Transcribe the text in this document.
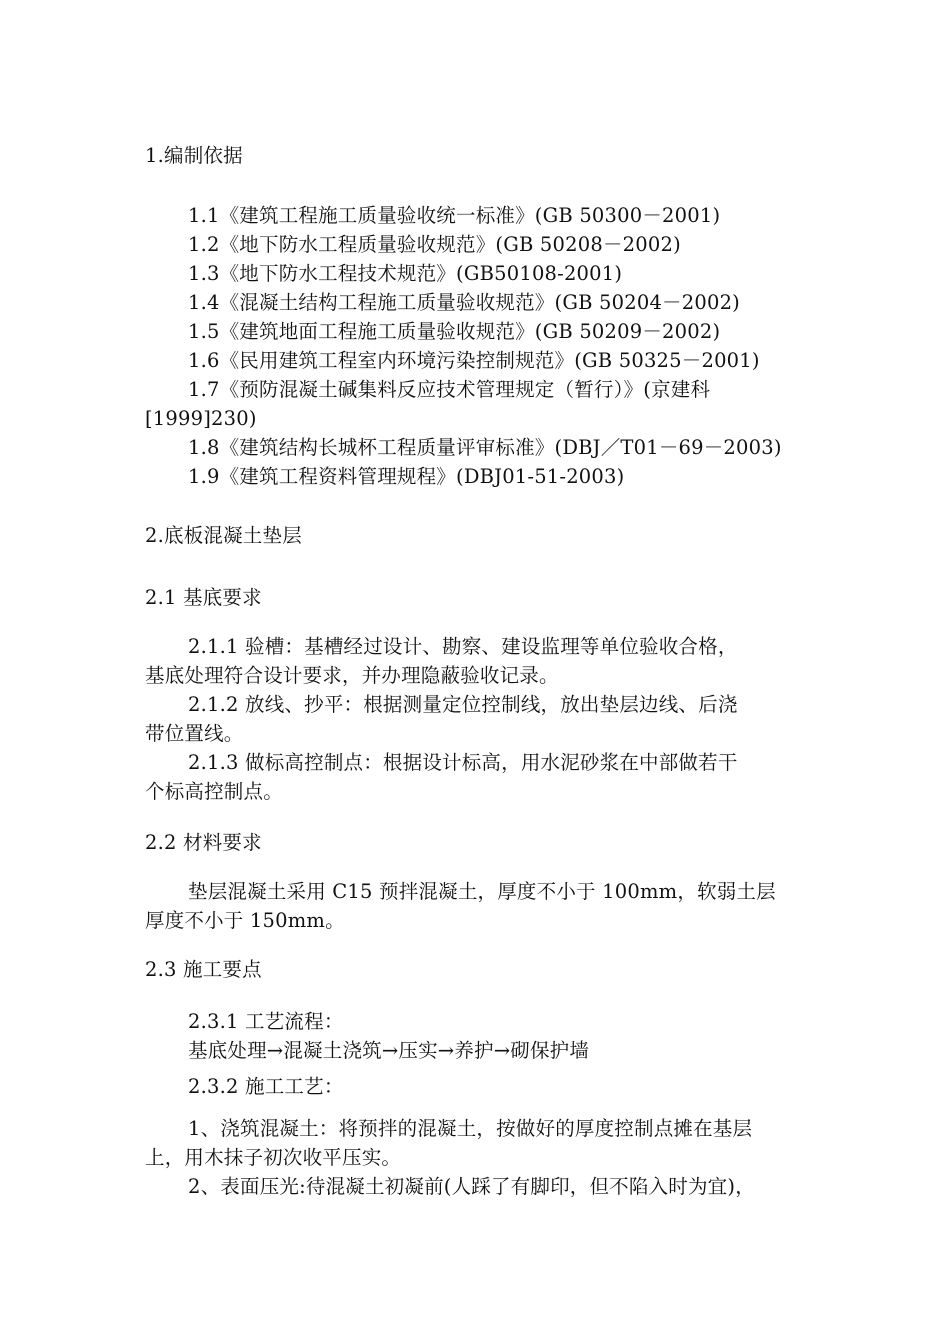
1.编制依据
1.1《建筑工程施工质量验收统一标准》(GB 50300－2001)
1.2《地下防水工程质量验收规范》(GB 50208－2002)
1.3《地下防水工程技术规范》(GB50108-2001)
1.4《混凝土结构工程施工质量验收规范》(GB 50204－2002)
1.5《建筑地面工程施工质量验收规范》(GB 50209－2002)
1.6《民用建筑工程室内环境污染控制规范》(GB 50325－2001)
1.7《预防混凝土碱集料反应技术管理规定（暂行）》(京建科
[1999]230)
1.8《建筑结构长城杯工程质量评审标准》(DBJ／T01－69－2003)
1.9《建筑工程资料管理规程》(DBJ01-51-2003)
2.底板混凝土垫层
2.1 基底要求
2.1.1 验槽：基槽经过设计、勘察、建设监理等单位验收合格，
基底处理符合设计要求，并办理隐蔽验收记录。
2.1.2 放线、抄平：根据测量定位控制线，放出垫层边线、后浇
带位置线。
2.1.3 做标高控制点：根据设计标高，用水泥砂浆在中部做若干
个标高控制点。
2.2 材料要求
垫层混凝土采用 C15 预拌混凝土，厚度不小于 100mm，软弱土层
厚度不小于 150mm。
2.3 施工要点
2.3.1 工艺流程：
基底处理→混凝土浇筑→压实→养护→砌保护墙
2.3.2 施工工艺：
1、浇筑混凝土：将预拌的混凝土，按做好的厚度控制点摊在基层
上，用木抹子初次收平压实。
2、表面压光:待混凝土初凝前(人踩了有脚印，但不陷入时为宜)，
